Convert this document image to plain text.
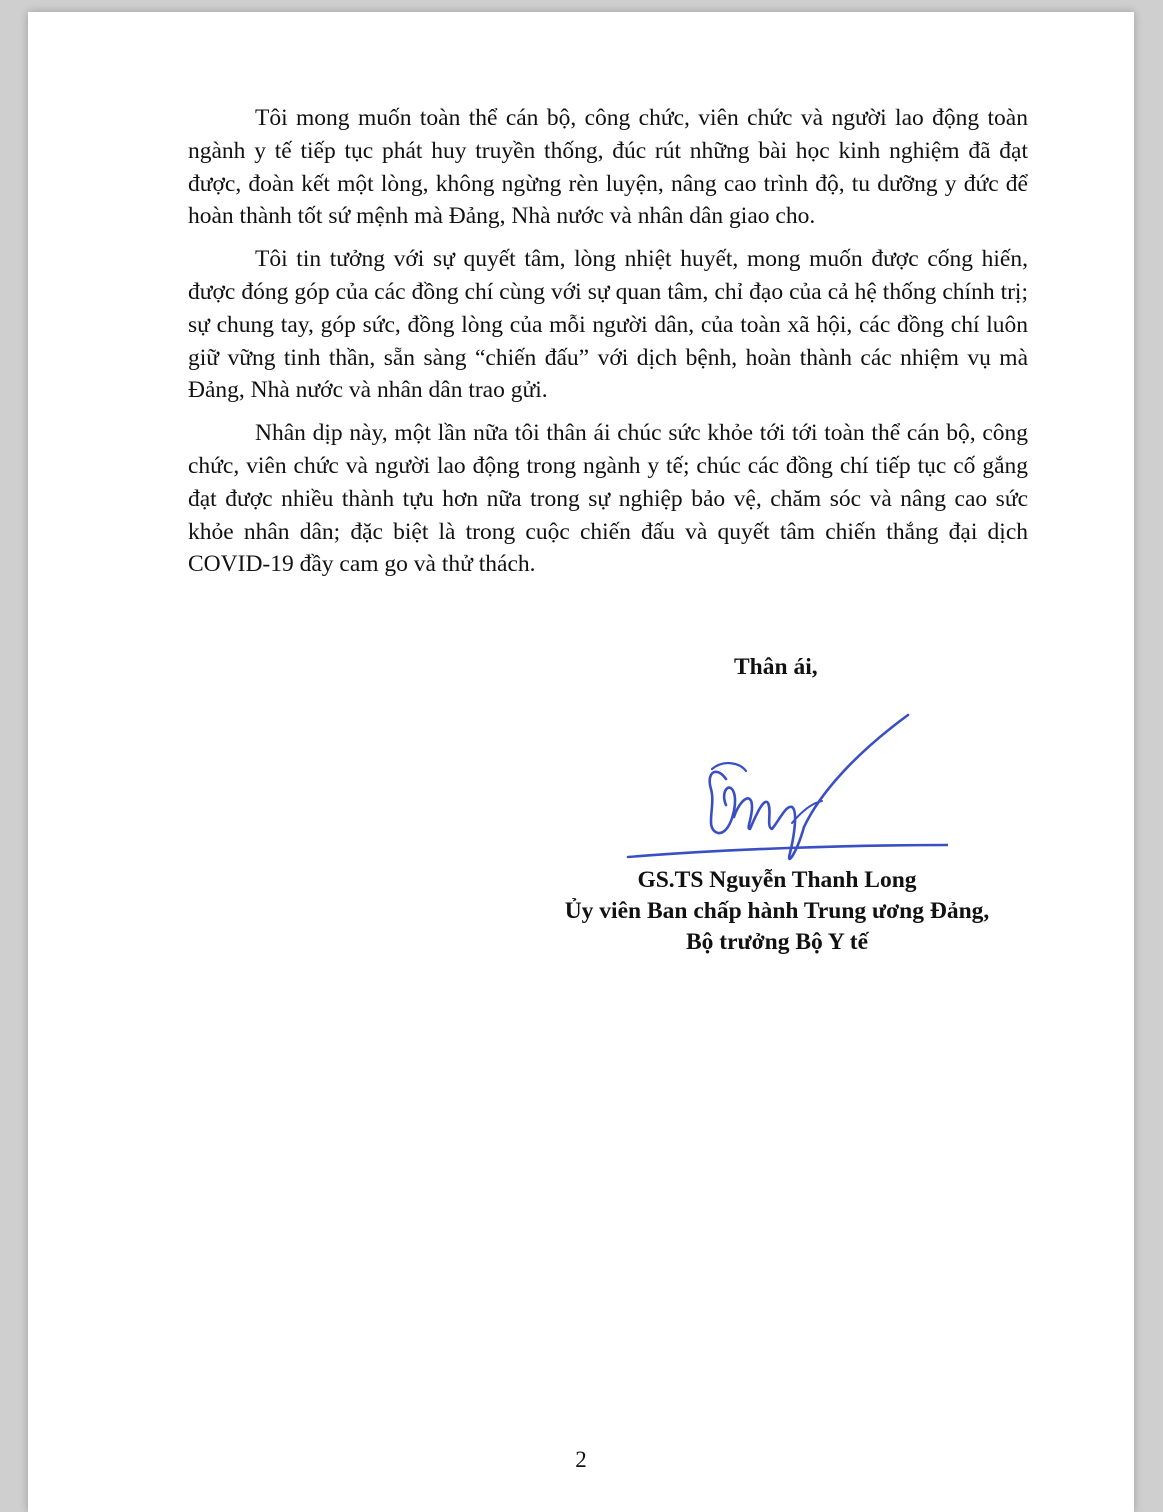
Tôi mong muốn toàn thể cán bộ, công chức, viên chức và người lao động toàn ngành y tế tiếp tục phát huy truyền thống, đúc rút những bài học kinh nghiệm đã đạt được, đoàn kết một lòng, không ngừng rèn luyện, nâng cao trình độ, tu dưỡng y đức để hoàn thành tốt sứ mệnh mà Đảng, Nhà nước và nhân dân giao cho.

Tôi tin tưởng với sự quyết tâm, lòng nhiệt huyết, mong muốn được cống hiến, được đóng góp của các đồng chí cùng với sự quan tâm, chỉ đạo của cả hệ thống chính trị; sự chung tay, góp sức, đồng lòng của mỗi người dân, của toàn xã hội, các đồng chí luôn giữ vững tinh thần, sẵn sàng “chiến đấu” với dịch bệnh, hoàn thành các nhiệm vụ mà Đảng, Nhà nước và nhân dân trao gửi.

Nhân dịp này, một lần nữa tôi thân ái chúc sức khỏe tới tới toàn thể cán bộ, công chức, viên chức và người lao động trong ngành y tế; chúc các đồng chí tiếp tục cố gắng đạt được nhiều thành tựu hơn nữa trong sự nghiệp bảo vệ, chăm sóc và nâng cao sức khỏe nhân dân; đặc biệt là trong cuộc chiến đấu và quyết tâm chiến thắng đại dịch COVID-19 đầy cam go và thử thách.

Thân ái,
GS.TS Nguyễn Thanh Long
Ủy viên Ban chấp hành Trung ương Đảng,
Bộ trưởng Bộ Y tế
2
